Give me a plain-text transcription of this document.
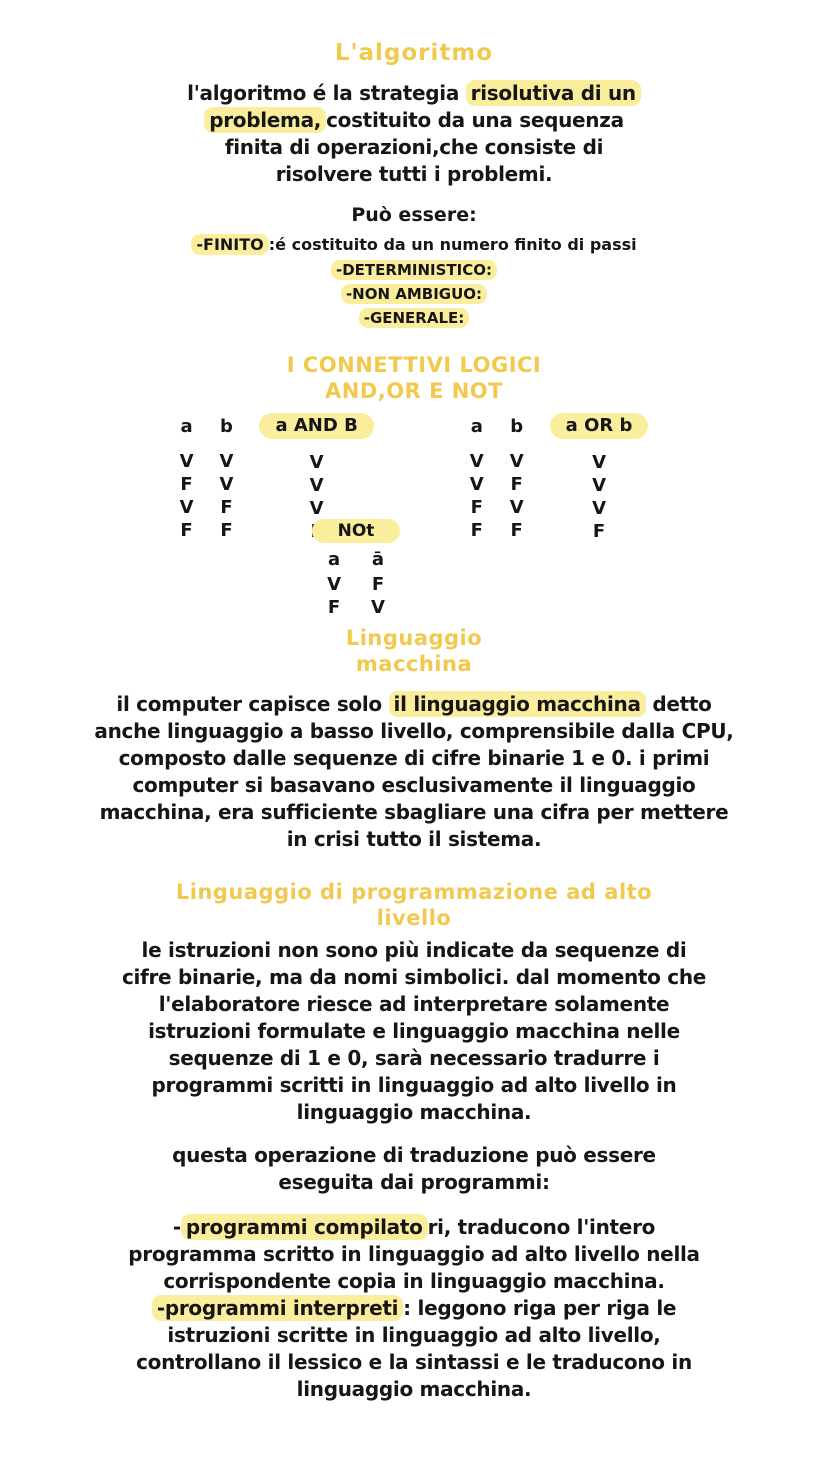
L'algoritmo
l'algoritmo é la strategia risolutiva di un
problema, costituito da una sequenza
finita di operazioni,che consiste di
risolvere tutti i problemi.
Può essere:
-FINITO :é costituito da un numero finito di passi
-DETERMINISTICO:
-NON AMBIGUO:
-GENERALE:
I CONNETTIVI LOGICI
AND,OR E NOT
a
V
F
V
F
b
V
V
F
F
a AND B
V
V
V
a
V
V
F
F
b
V
F
V
F
a OR b
V
V
V
F
NOt
a
V
F
ā
F
V
Linguaggio
macchina
il computer capisce solo il linguaggio macchina detto
anche linguaggio a basso livello, comprensibile dalla CPU,
composto dalle sequenze di cifre binarie 1 e 0. i primi
computer si basavano esclusivamente il linguaggio
macchina, era sufficiente sbagliare una cifra per mettere
in crisi tutto il sistema.
Linguaggio di programmazione ad alto
livello
le istruzioni non sono più indicate da sequenze di
cifre binarie, ma da nomi simbolici. dal momento che
l'elaboratore riesce ad interpretare solamente
istruzioni formulate e linguaggio macchina nelle
sequenze di 1 e 0, sarà necessario tradurre i
programmi scritti in linguaggio ad alto livello in
linguaggio macchina.
questa operazione di traduzione può essere
eseguita dai programmi:
- programmi compilato ri, traducono l'intero
programma scritto in linguaggio ad alto livello nella
corrispondente copia in linguaggio macchina.
-programmi interpreti : leggono riga per riga le
istruzioni scritte in linguaggio ad alto livello,
controllano il lessico e la sintassi e le traducono in
linguaggio macchina.
